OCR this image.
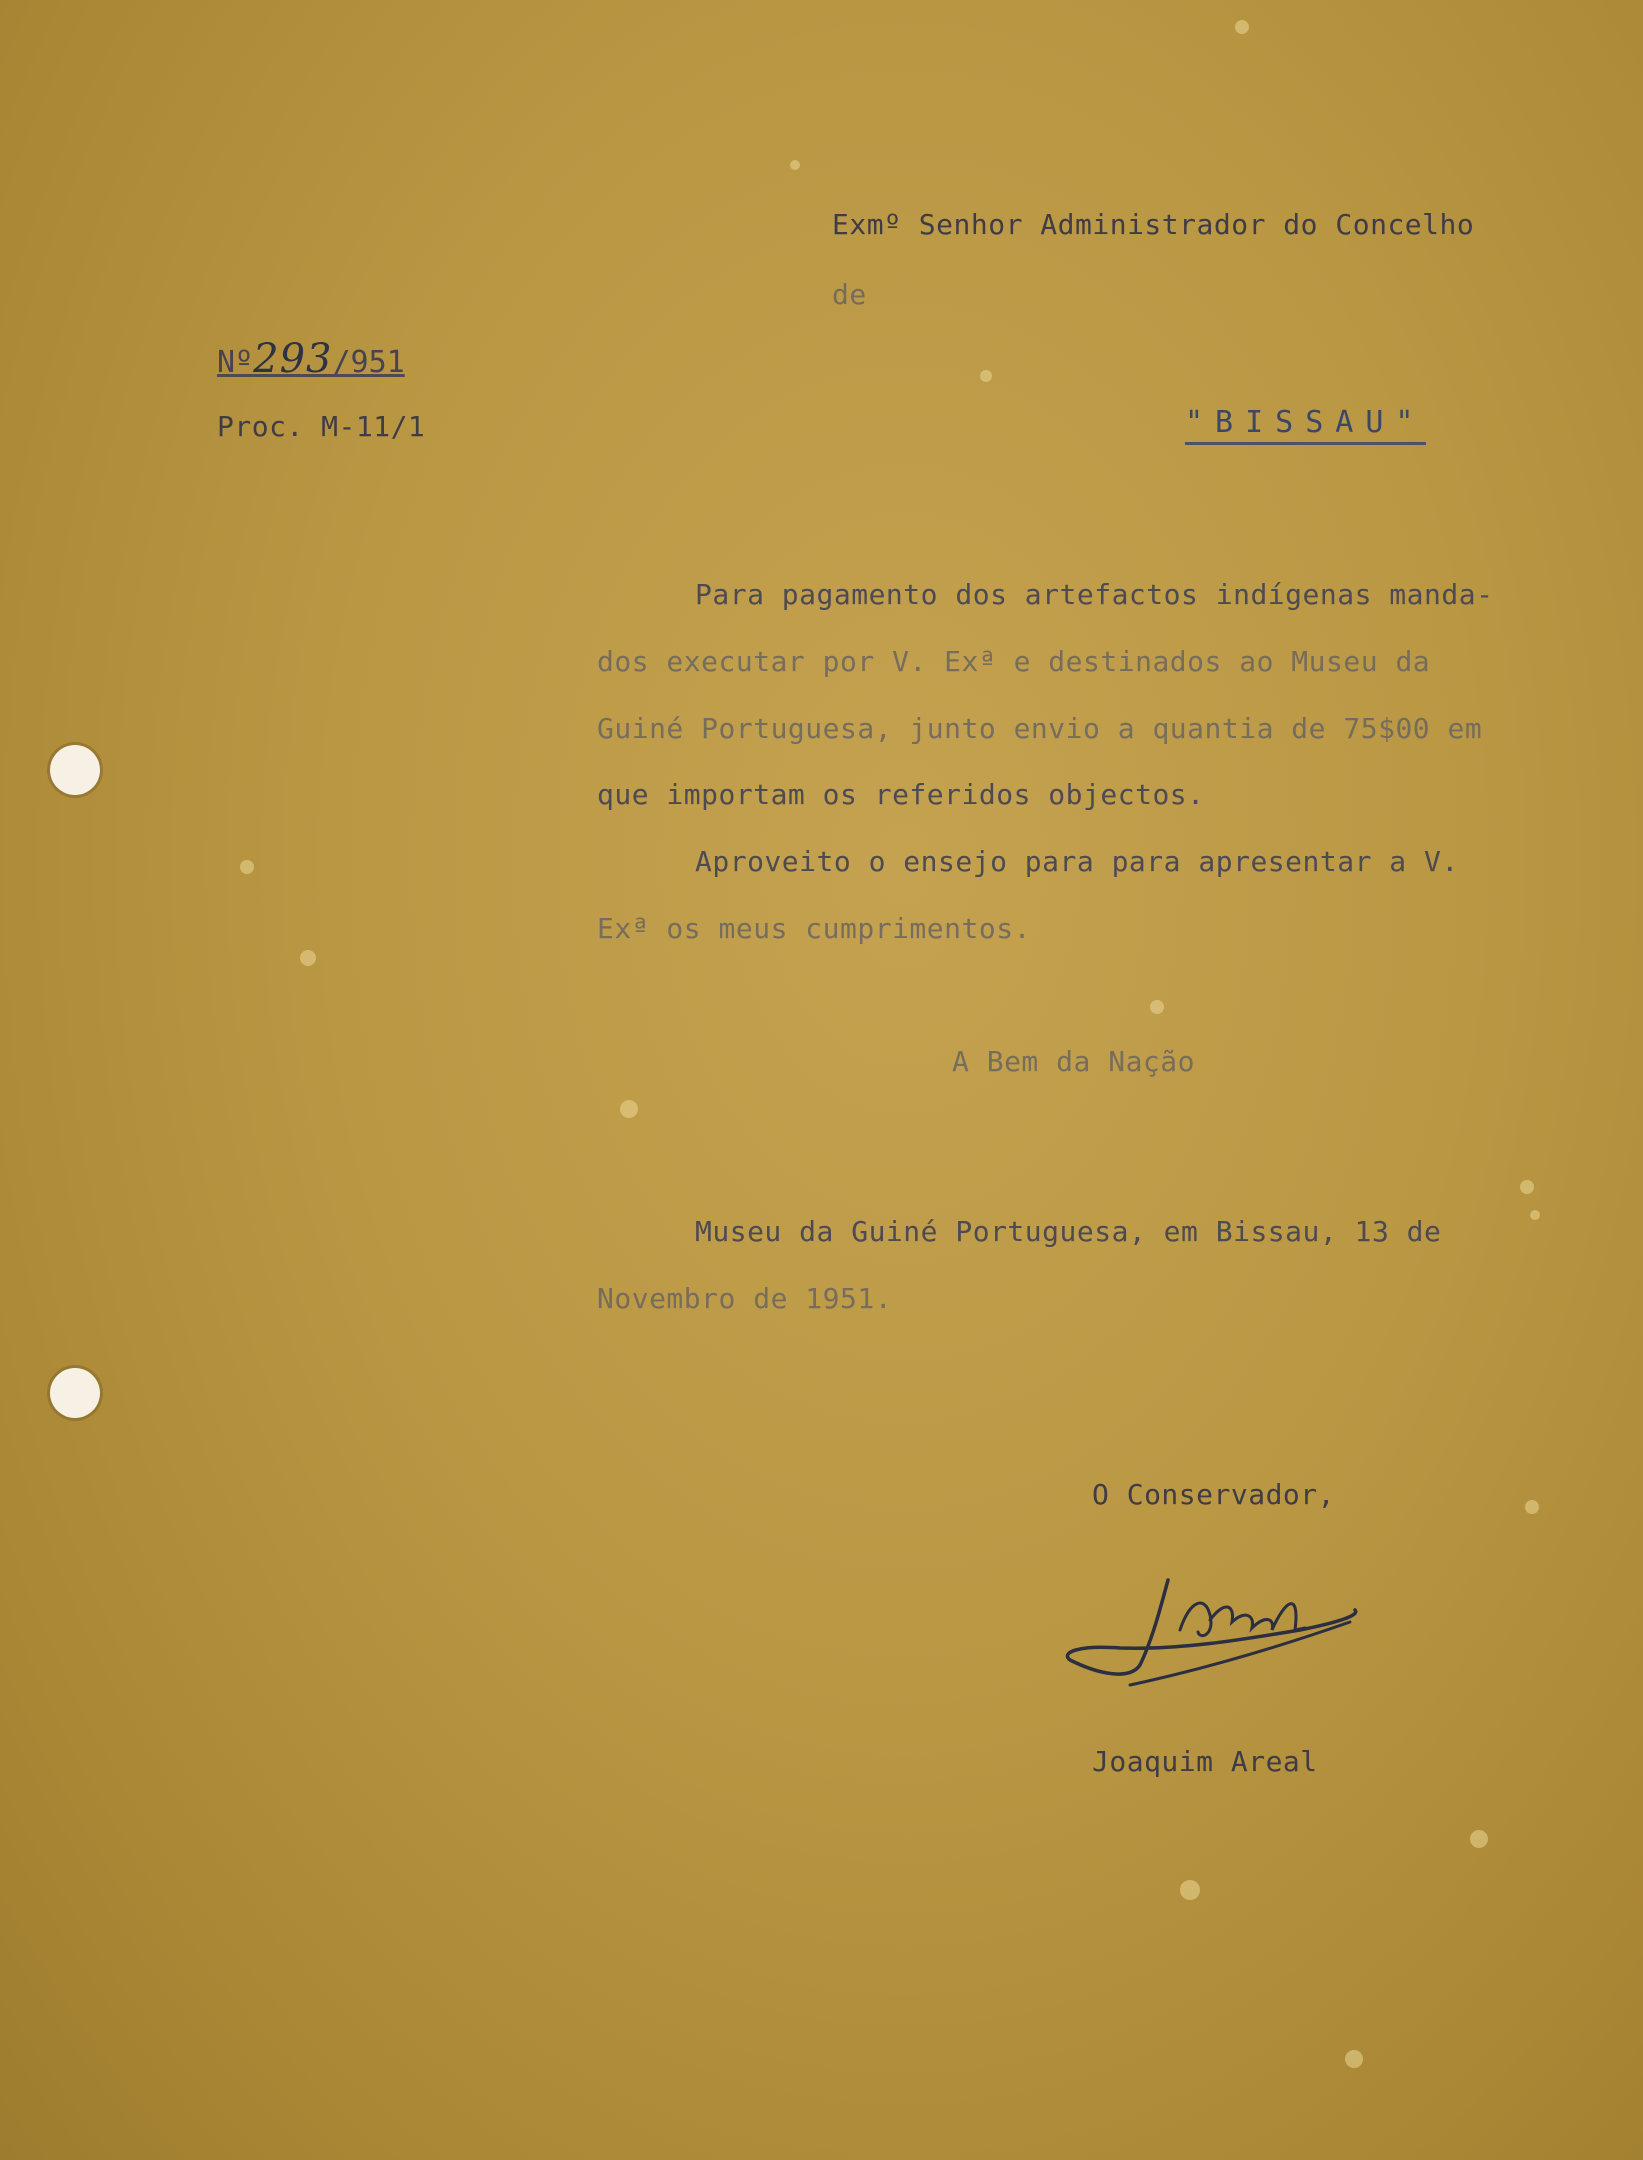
Exmº Senhor Administrador do Concelho
de
"BISSAU"
Nº293/951
Proc. M-11/1
Para pagamento dos artefactos indígenas manda-
dos executar por V. Exª e destinados ao Museu da
Guiné Portuguesa, junto envio a quantia de 75$00 em
que importam os referidos objectos.
Aproveito o ensejo para para apresentar a V.
Exª os meus cumprimentos.
A Bem da Nação
Museu da Guiné Portuguesa, em Bissau, 13 de
Novembro de 1951.
O Conservador,
Joaquim Areal
